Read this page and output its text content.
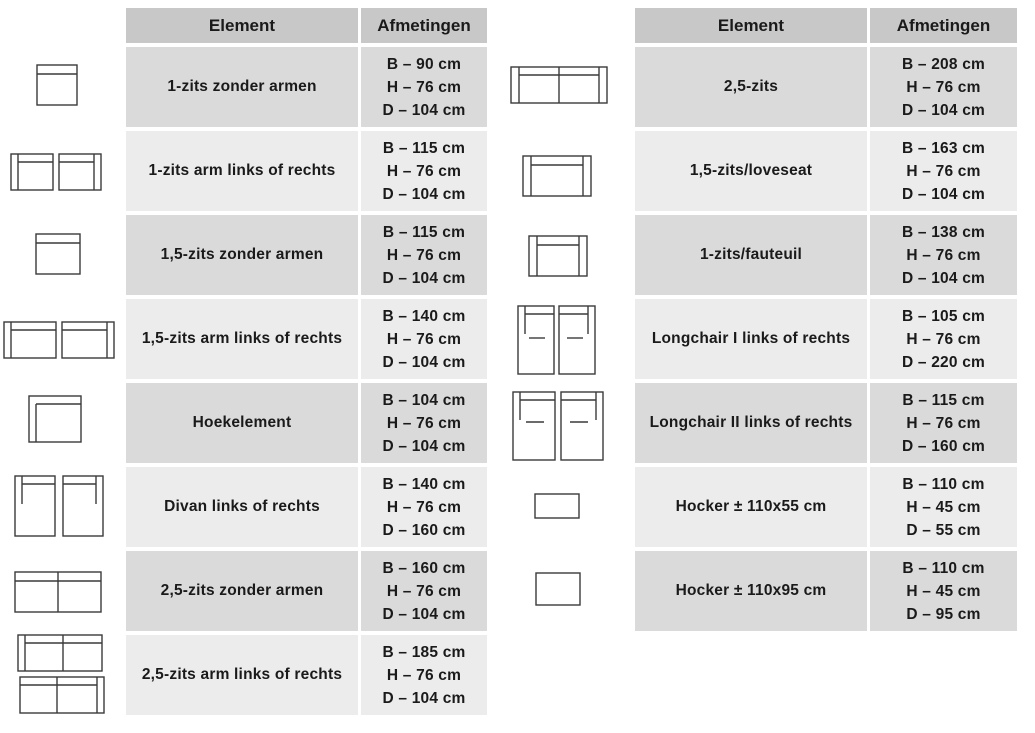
Element	Afmetingen
1-zits zonder armen
B – 90 cm
H – 76 cm
D – 104 cm
1-zits arm links of rechts
B – 115 cm
H – 76 cm
D – 104 cm
1,5-zits zonder armen
B – 115 cm
H – 76 cm
D – 104 cm
1,5-zits arm links of rechts
B – 140 cm
H – 76 cm
D – 104 cm
Hoekelement
B – 104 cm
H – 76 cm
D – 104 cm
Divan links of rechts
B – 140 cm
H – 76 cm
D – 160 cm
2,5-zits zonder armen
B – 160 cm
H – 76 cm
D – 104 cm
2,5-zits arm links of rechts
B – 185 cm
H – 76 cm
D – 104 cm
Element	Afmetingen
2,5-zits
B – 208 cm
H – 76 cm
D – 104 cm
1,5-zits/loveseat
B – 163 cm
H – 76 cm
D – 104 cm
1-zits/fauteuil
B – 138 cm
H – 76 cm
D – 104 cm
Longchair I links of rechts
B – 105 cm
H – 76 cm
D – 220 cm
Longchair II links of rechts
B – 115 cm
H – 76 cm
D – 160 cm
Hocker ± 110x55 cm
B – 110 cm
H – 45 cm
D – 55 cm
Hocker ± 110x95 cm
B – 110 cm
H – 45 cm
D – 95 cm
